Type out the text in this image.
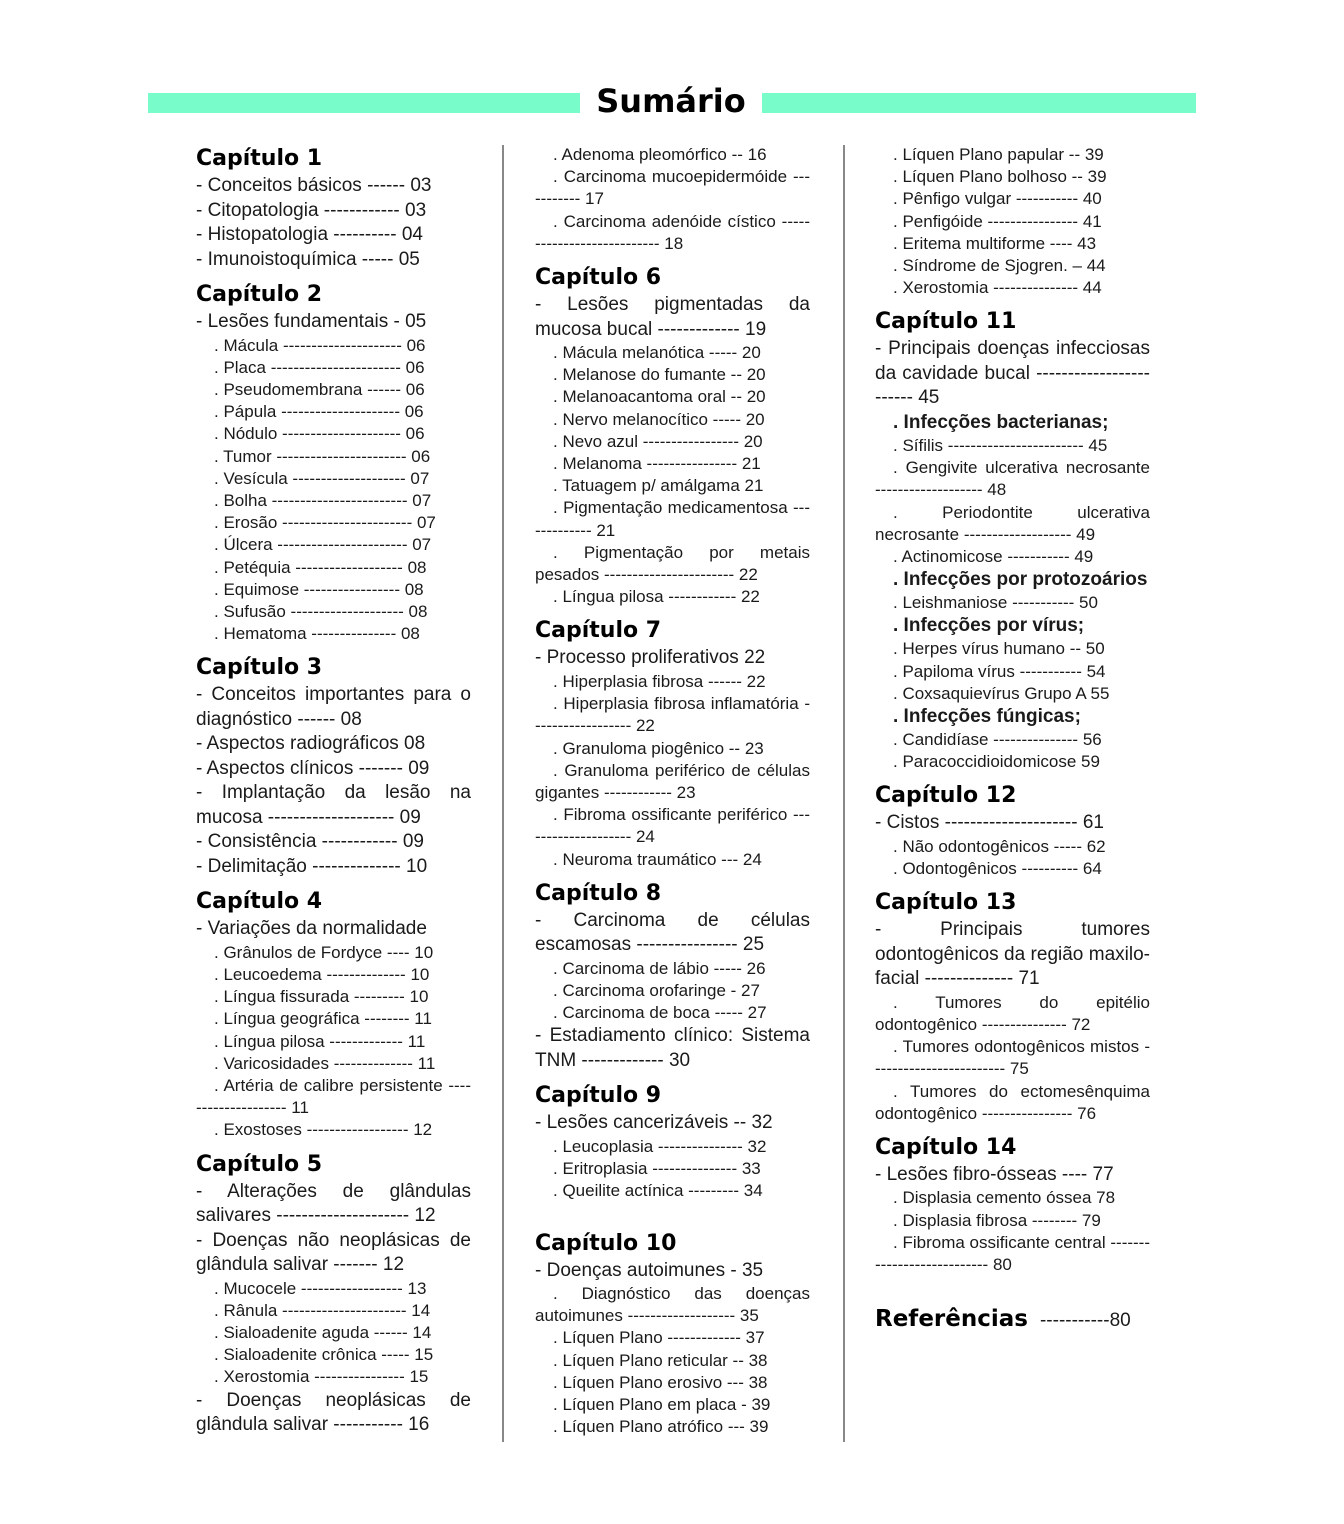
Sumário
Capítulo 1
- Conceitos básicos ------ 03
- Citopatologia ------------ 03
- Histopatologia ---------- 04
- Imunoistoquímica ----- 05
Capítulo 2
- Lesões fundamentais - 05
. Mácula --------------------- 06
. Placa ----------------------- 06
. Pseudomembrana ------ 06
. Pápula --------------------- 06
. Nódulo --------------------- 06
. Tumor ----------------------- 06
. Vesícula -------------------- 07
. Bolha ------------------------ 07
. Erosão ----------------------- 07
. Úlcera ----------------------- 07
. Petéquia ------------------- 08
. Equimose ----------------- 08
. Sufusão -------------------- 08
. Hematoma --------------- 08
Capítulo 3
- Conceitos importantes para o diagnóstico ------ 08
- Aspectos radiográficos 08
- Aspectos clínicos ------- 09
- Implantação da lesão na mucosa -------------------- 09
- Consistência ------------ 09
- Delimitação -------------- 10
Capítulo 4
- Variações da normalidade
. Grânulos de Fordyce ---- 10
. Leucoedema -------------- 10
. Língua fissurada --------- 10
. Língua geográfica -------- 11
. Língua pilosa ------------- 11
. Varicosidades -------------- 11
. Artéria de calibre persistente -------------------- 11
. Exostoses ------------------ 12
Capítulo 5
- Alterações de glândulas salivares --------------------- 12
- Doenças não neoplásicas de glândula salivar ------- 12
. Mucocele ------------------ 13
. Rânula ---------------------- 14
. Sialoadenite aguda ------ 14
. Sialoadenite crônica ----- 15
. Xerostomia ---------------- 15
- Doenças neoplásicas de glândula salivar ----------- 16
. Adenoma pleomórfico -- 16
. Carcinoma mucoepidermóide ----------- 17
. Carcinoma adenóide cístico --------------------------- 18
Capítulo 6
- Lesões pigmentadas da mucosa bucal ------------- 19
. Mácula melanótica ----- 20
. Melanose do fumante -- 20
. Melanoacantoma oral -- 20
. Nervo melanocítico ----- 20
. Nevo azul ----------------- 20
. Melanoma ---------------- 21
. Tatuagem p/ amálgama 21
. Pigmentação medicamentosa ------------- 21
. Pigmentação por metais pesados ----------------------- 22
. Língua pilosa ------------ 22
Capítulo 7
- Processo proliferativos 22
. Hiperplasia fibrosa ------ 22
. Hiperplasia fibrosa inflamatória ------------------ 22
. Granuloma piogênico -- 23
. Granuloma periférico de células gigantes ------------ 23
. Fibroma ossificante periférico -------------------- 24
. Neuroma traumático --- 24
Capítulo 8
- Carcinoma de células escamosas ---------------- 25
. Carcinoma de lábio ----- 26
. Carcinoma orofaringe - 27
. Carcinoma de boca ----- 27
- Estadiamento clínico: Sistema TNM ------------- 30
Capítulo 9
- Lesões cancerizáveis -- 32
. Leucoplasia --------------- 32
. Eritroplasia --------------- 33
. Queilite actínica --------- 34
Capítulo 10
- Doenças autoimunes - 35
. Diagnóstico das doenças autoimunes ------------------- 35
. Líquen Plano ------------- 37
. Líquen Plano reticular -- 38
. Líquen Plano erosivo --- 38
. Líquen Plano em placa - 39
. Líquen Plano atrófico --- 39
. Líquen Plano papular -- 39
. Líquen Plano bolhoso -- 39
. Pênfigo vulgar ----------- 40
. Penfigóide ---------------- 41
. Eritema multiforme ---- 43
. Síndrome de Sjogren. – 44
. Xerostomia --------------- 44
Capítulo 11
- Principais doenças infecciosas da cavidade bucal ------------------------ 45
. Infecções bacterianas;
. Sífilis ------------------------ 45
. Gengivite ulcerativa necrosante ------------------- 48
. Periodontite ulcerativa necrosante ------------------- 49
. Actinomicose ----------- 49
. Infecções por protozoários
. Leishmaniose ----------- 50
. Infecções por vírus;
. Herpes vírus humano -- 50
. Papiloma vírus ----------- 54
. Coxsaquievírus Grupo A 55
. Infecções fúngicas;
. Candidíase --------------- 56
. Paracoccidioidomicose 59
Capítulo 12
- Cistos --------------------- 61
. Não odontogênicos ----- 62
. Odontogênicos ---------- 64
Capítulo 13
- Principais tumores odontogênicos da região maxilo-facial -------------- 71
. Tumores do epitélio odontogênico --------------- 72
. Tumores odontogênicos mistos ------------------------ 75
. Tumores do ectomesênquima odontogênico ---------------- 76
Capítulo 14
- Lesões fibro-ósseas ---- 77
. Displasia cemento óssea 78
. Displasia fibrosa -------- 79
. Fibroma ossificante central --------------------------- 80
Referências -----------80
